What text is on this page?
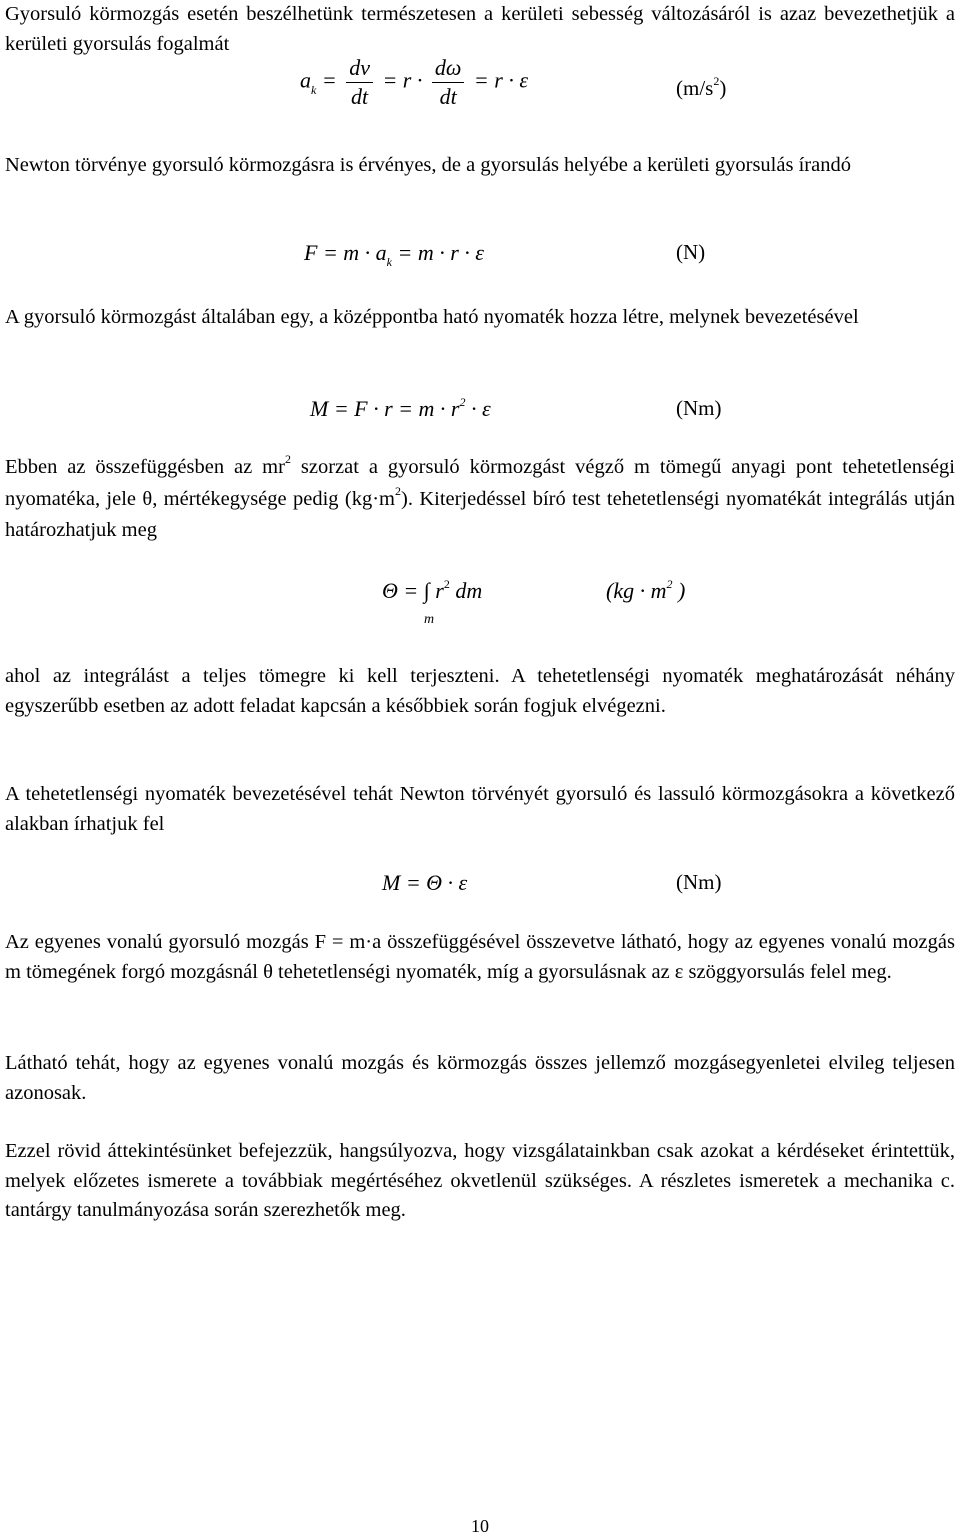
Gyorsuló körmozgás esetén beszélhetünk természetesen a kerületi sebesség változásáról is azaz bevezethetjük a kerületi gyorsulás fogalmát

$a_k = \frac{dv}{dt} = r \cdot \frac{d\omega}{dt} = r \cdot \varepsilon$	$(m/s^2)$

Newton törvénye gyorsuló körmozgásra is érvényes, de a gyorsulás helyébe a kerületi gyorsulás írandó

$F = m \cdot a_k = m \cdot r \cdot \varepsilon$	(N)

A gyorsuló körmozgást általában egy, a középpontba ható nyomaték hozza létre, melynek bevezetésével

$M = F \cdot r = m \cdot r^2 \cdot \varepsilon$	(Nm)

Ebben az összefüggésben az $mr^2$ szorzat a gyorsuló körmozgást végző m tömegű anyagi pont tehetetlenségi nyomatéka, jele θ, mértékegysége pedig $(kg\cdot m^2)$. Kiterjedéssel bíró test tehetetlenségi nyomatékát integrálás utján határozhatjuk meg

Θ = ∫ $r^2$ dm
m
($kg \cdot m^2$ )

ahol az integrálást a teljes tömegre ki kell terjeszteni. A tehetetlenségi nyomaték meghatározását néhány egyszerűbb esetben az adott feladat kapcsán a későbbiek során fogjuk elvégezni.

A tehetetlenségi nyomaték bevezetésével tehát Newton törvényét gyorsuló és lassuló körmozgásokra a következő alakban írhatjuk fel

M = Θ · ε	(Nm)

Az egyenes vonalú gyorsuló mozgás F = m·a összefüggésével összevetve látható, hogy az egyenes vonalú mozgás m tömegének forgó mozgásnál θ tehetetlenségi nyomaték, míg a gyorsulásnak az ε szöggyorsulás felel meg.

Látható tehát, hogy az egyenes vonalú mozgás és körmozgás összes jellemző mozgásegyenletei elvileg teljesen azonosak.

Ezzel rövid áttekintésünket befejezzük, hangsúlyozva, hogy vizsgálatainkban csak azokat a kérdéseket érintettük, melyek előzetes ismerete a továbbiak megértéséhez okvetlenül szükséges. A részletes ismeretek a mechanika c. tantárgy tanulmányozása során szerezhetők meg.

10
